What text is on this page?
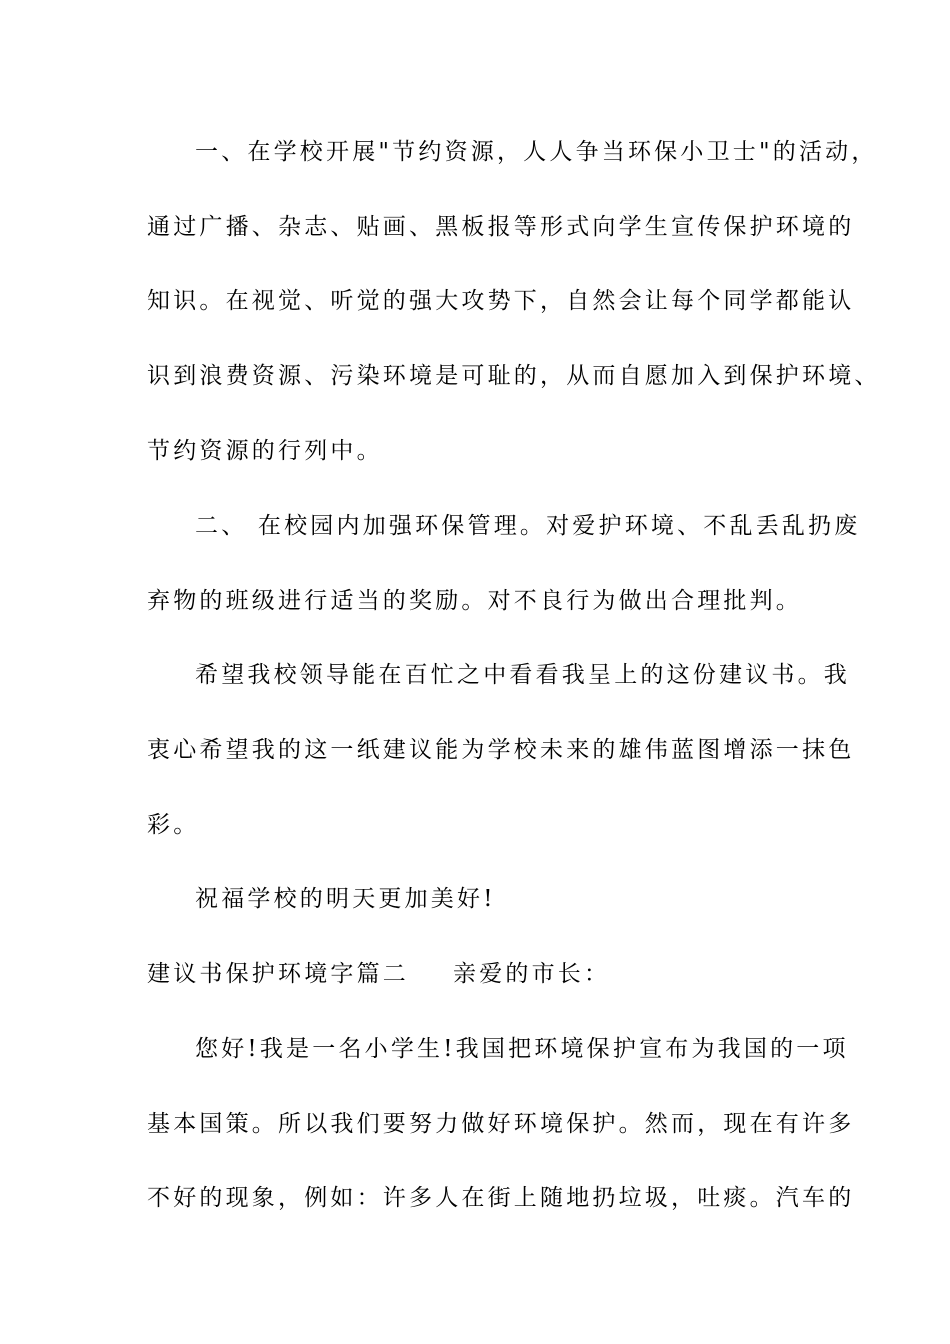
一、在学校开展"节约资源，人人争当环保小卫士"的活动，
通过广播、杂志、贴画、黑板报等形式向学生宣传保护环境的
知识。在视觉、听觉的强大攻势下，自然会让每个同学都能认
识到浪费资源、污染环境是可耻的，从而自愿加入到保护环境、
节约资源的行列中。
二、 在校园内加强环保管理。对爱护环境、不乱丢乱扔废
弃物的班级进行适当的奖励。对不良行为做出合理批判。
希望我校领导能在百忙之中看看我呈上的这份建议书。我
衷心希望我的这一纸建议能为学校未来的雄伟蓝图增添一抹色
彩。
祝福学校的明天更加美好!
建议书保护环境字篇二 亲爱的市长：
您好!我是一名小学生!我国把环境保护宣布为我国的一项
基本国策。所以我们要努力做好环境保护。然而，现在有许多
不好的现象，例如：许多人在街上随地扔垃圾，吐痰。汽车的
